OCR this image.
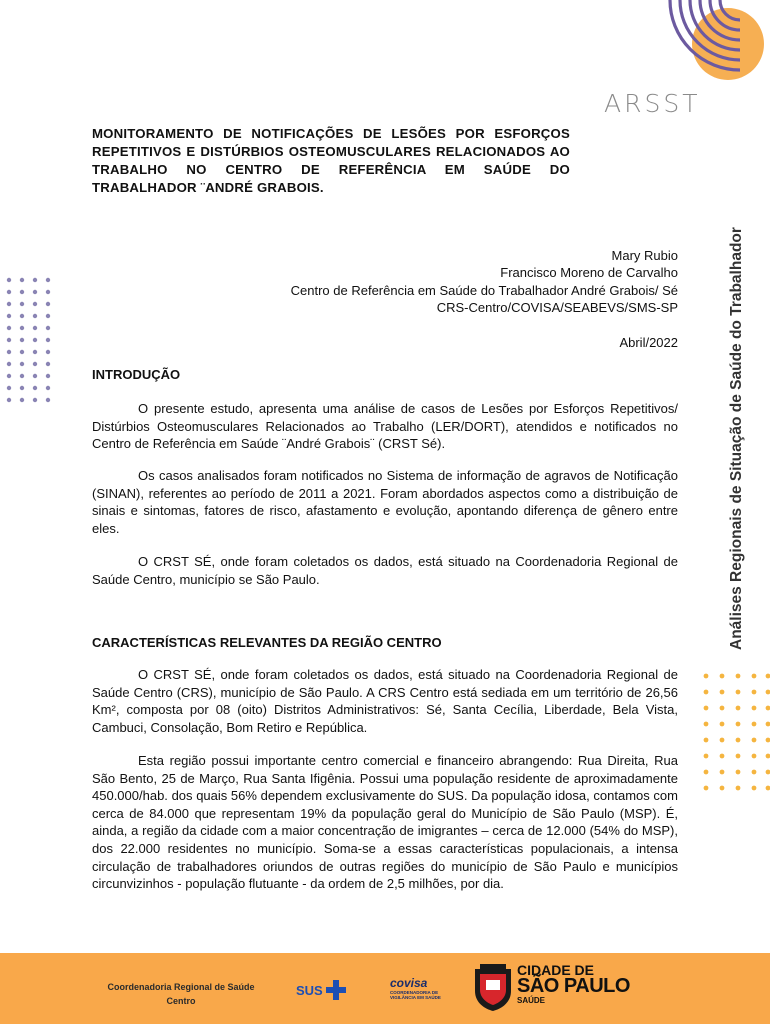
ARSST
MONITORAMENTO DE NOTIFICAÇÕES DE LESÕES POR ESFORÇOS REPETITIVOS E DISTÚRBIOS OSTEOMUSCULARES RELACIONADOS AO TRABALHO NO CENTRO DE REFERÊNCIA EM SAÚDE DO TRABALHADOR ¨ANDRÉ GRABOIS.
Mary Rubio
Francisco Moreno de Carvalho
Centro de Referência em Saúde do Trabalhador André Grabois/ Sé
CRS-Centro/COVISA/SEABEVS/SMS-SP
Abril/2022	Análises Regionais de Situação de Saúde do Trabalhador
INTRODUÇÃO
O presente estudo, apresenta uma análise de casos de Lesões por Esforços Repetitivos/ Distúrbios Osteomusculares Relacionados ao Trabalho (LER/DORT), atendidos e notificados no Centro de Referência em Saúde ¨André Grabois¨ (CRST Sé).
Os casos analisados foram notificados no Sistema de informação de agravos de Notificação (SINAN), referentes ao período de 2011 a 2021. Foram abordados aspectos como a distribuição de sinais e sintomas, fatores de risco, afastamento e evolução, apontando diferença de gênero entre eles.
O CRST SÉ, onde foram coletados os dados, está situado na Coordenadoria Regional de Saúde Centro, município se São Paulo.
CARACTERÍSTICAS RELEVANTES DA REGIÃO CENTRO
O CRST SÉ, onde foram coletados os dados, está situado na Coordenadoria Regional de Saúde Centro (CRS), município de São Paulo. A CRS Centro está sediada em um território de 26,56 Km², composta por 08 (oito) Distritos Administrativos: Sé, Santa Cecília, Liberdade, Bela Vista, Cambuci, Consolação, Bom Retiro e República.
Esta região possui importante centro comercial e financeiro abrangendo: Rua Direita, Rua São Bento, 25 de Março, Rua Santa Ifigênia. Possui uma população residente de aproximadamente 450.000/hab. dos quais 56% dependem exclusivamente do SUS. Da população idosa, contamos com cerca de 84.000 que representam 19% da população geral do Município de São Paulo (MSP). É, ainda, a região da cidade com a maior concentração de imigrantes – cerca de 12.000 (54% do MSP), dos 22.000 residentes no município. Soma-se a essas características populacionais, a intensa circulação de trabalhadores oriundos de outras regiões do município de São Paulo e municípios circunvizinhos - população flutuante - da ordem de 2,5 milhões, por dia.
Coordenadoria Regional de Saúde Centro
SUS	covisa
COORDENADORIA DE VIGILÂNCIA EM SAÚDE
CIDADE DE
SÃO PAULO
SAÚDE
